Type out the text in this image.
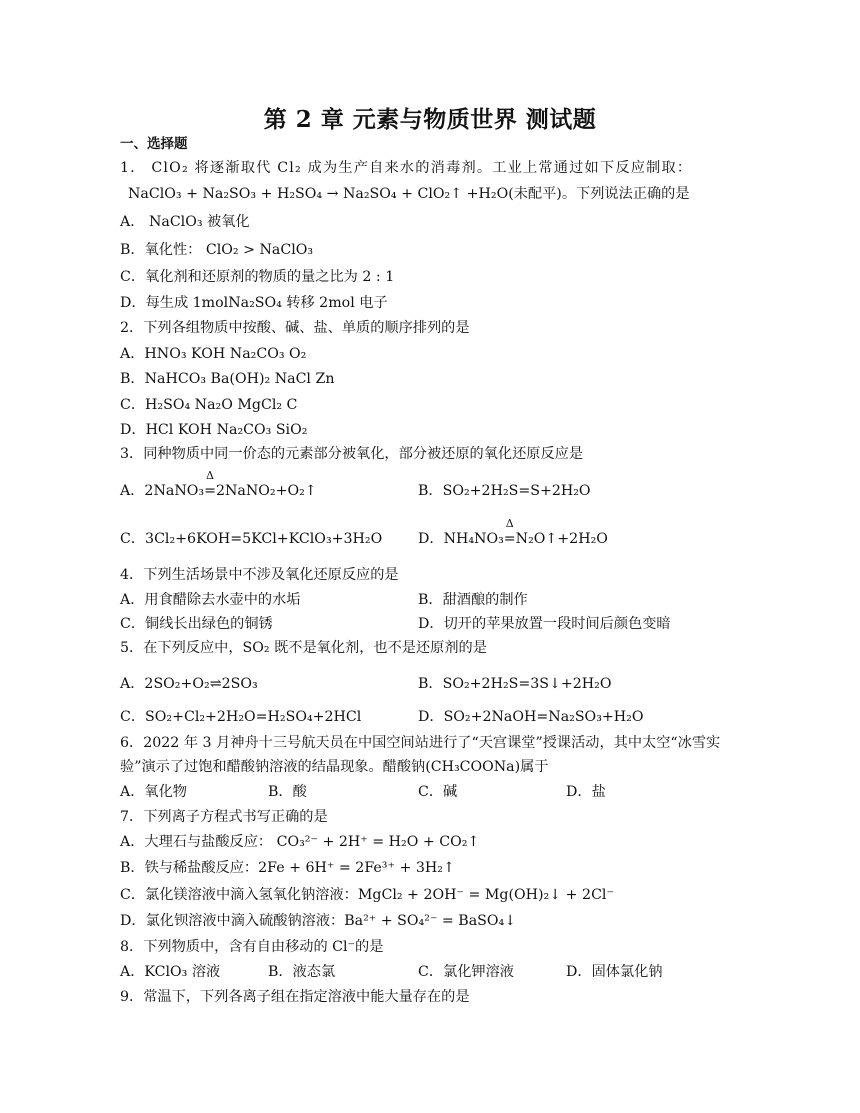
第 2 章 元素与物质世界 测试题
一、选择题
1． ClO₂ 将逐渐取代 Cl₂ 成为生产自来水的消毒剂。工业上常通过如下反应制取：
NaClO₃ + Na₂SO₃ + H₂SO₄ → Na₂SO₄ + ClO₂↑ +H₂O(未配平)。下列说法正确的是
A． NaClO₃ 被氧化
B．氧化性： ClO₂ > NaClO₃
C．氧化剂和还原剂的物质的量之比为 2 : 1
D．每生成 1molNa₂SO₄ 转移 2mol 电子
2．下列各组物质中按酸、碱、盐、单质的顺序排列的是
A．HNO₃ KOH Na₂CO₃ O₂
B．NaHCO₃ Ba(OH)₂ NaCl Zn
C．H₂SO₄ Na₂O MgCl₂ C
D．HCl KOH Na₂CO₃ SiO₂
3．同种物质中同一价态的元素部分被氧化，部分被还原的氧化还原反应是
A．2NaNO₃
Δ
=2NaNO₂+O₂↑	B．SO₂+2H₂S=S+2H₂O
C．3Cl₂+6KOH=5KCl+KClO₃+3H₂O	D．NH₄NO₃
Δ
=N₂O↑+2H₂O
4．下列生活场景中不涉及氧化还原反应的是
A．用食醋除去水壶中的水垢	B．甜酒酿的制作
C．铜线长出绿色的铜锈	D．切开的苹果放置一段时间后颜色变暗
5．在下列反应中，SO₂ 既不是氧化剂，也不是还原剂的是
A．2SO₂+O₂⇌2SO₃	B．SO₂+2H₂S=3S↓+2H₂O
C．SO₂+Cl₂+2H₂O=H₂SO₄+2HCl	D．SO₂+2NaOH=Na₂SO₃+H₂O
6．2022 年 3 月神舟十三号航天员在中国空间站进行了“天宫课堂”授课活动，其中太空“冰雪实
验”演示了过饱和醋酸钠溶液的结晶现象。醋酸钠(CH₃COONa)属于
A．氧化物	B．酸	C．碱	D．盐
7．下列离子方程式书写正确的是
A．大理石与盐酸反应： CO₃²⁻ + 2H⁺ = H₂O + CO₂↑
B．铁与稀盐酸反应：2Fe + 6H⁺ = 2Fe³⁺ + 3H₂↑
C．氯化镁溶液中滴入氢氧化钠溶液：MgCl₂ + 2OH⁻ = Mg(OH)₂↓ + 2Cl⁻
D．氯化钡溶液中滴入硫酸钠溶液：Ba²⁺ + SO₄²⁻ = BaSO₄↓
8．下列物质中，含有自由移动的 Cl⁻的是
A．KClO₃ 溶液	B．液态氯	C．氯化钾溶液	D．固体氯化钠
9．常温下，下列各离子组在指定溶液中能大量存在的是
